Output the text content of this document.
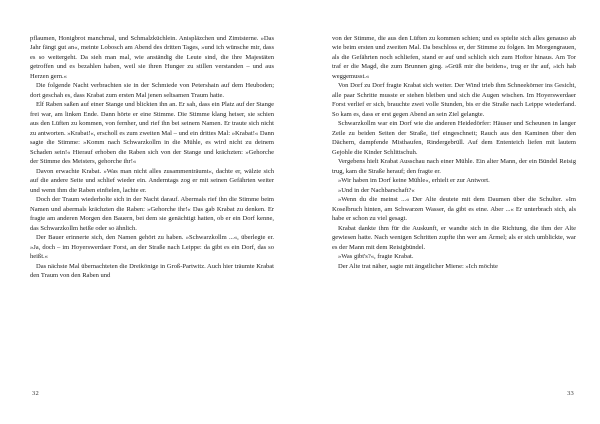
pflaumen, Honigbrot manchmal, und Schmalzküchlein. Anispläzchen und Zimtsterne. »Das Jahr fängt gut an«, meinte Lobosch am Abend des dritten Tages, »und ich wünsche mir, dass es so weitergeht. Da sieh man mal, wie anständig die Leute sind, die ihre Majestäten getroffen und es bezahlen haben, weil sie ihren Hunger zu stillen verstanden – und aus Herzen gern.«

Die folgende Nacht verbrachten sie in der Schmiede von Petershain auf dem Heuboden; dort geschah es, dass Krabat zum ersten Mal jenen seltsamen Traum hatte.

Elf Raben saßen auf einer Stange und blickten ihn an. Er sah, dass ein Platz auf der Stange frei war, am linken Ende. Dann hörte er eine Stimme. Die Stimme klang heiser, sie schien aus den Lüften zu kommen, von fernher, und rief ihn bei seinem Namen. Er traute sich nicht zu antworten. »Krabat!«, erscholl es zum zweiten Mal – und ein drittes Mal: »Krabat!« Dann sagte die Stimme: »Komm nach Schwarzkollm in die Mühle, es wird nicht zu deinem Schaden sein!« Hierauf erhoben die Raben sich von der Stange und krächzten: »Gehorche der Stimme des Meisters, gehorche ihr!«

Davon erwachte Krabat. »Was man nicht alles zusammenträumt«, dachte er, wälzte sich auf die andere Seite und schlief wieder ein. Anderntags zog er mit seinen Gefährten weiter und wenn ihm die Raben einfielen, lachte er.

Doch der Traum wiederholte sich in der Nacht darauf. Abermals rief ihn die Stimme beim Namen und abermals krächzten die Raben: »Gehorche ihr!« Das gab Krabat zu denken. Er fragte am anderen Morgen den Bauern, bei dem sie genächtigt hatten, ob er ein Dorf kenne, das Schwarzkollm heiße oder so ähnlich.

Der Bauer erinnerte sich, den Namen gehört zu haben. »Schwarzkollm ...«, überlegte er. »Ja, doch – im Hoyerswerdaer Forst, an der Straße nach Leippe: da gibt es ein Dorf, das so heißt.«

Das nächste Mal übernachteten die Dreikönige in Groß-Partwitz. Auch hier träumte Krabat den Traum von den Raben und

32

von der Stimme, die aus den Lüften zu kommen schien; und es spielte sich alles genauso ab wie beim ersten und zweiten Mal. Da beschloss er, der Stimme zu folgen. Im Morgengrauen, als die Gefährten noch schliefen, stand er auf und schlich sich zum Hoftor hinaus. Am Tor traf er die Magd, die zum Brunnen ging. »Grüß mir die beiden«, trug er ihr auf, »ich hab weggemusst.«

Von Dorf zu Dorf fragte Krabat sich weiter. Der Wind trieb ihm Schneekörner ins Gesicht, alle paar Schritte musste er stehen bleiben und sich die Augen wischen. Im Hoyerswerdaer Forst verlief er sich, brauchte zwei volle Stunden, bis er die Straße nach Leippe wiederfand. So kam es, dass er erst gegen Abend an sein Ziel gelangte.

Schwarzkollm war ein Dorf wie die anderen Heidedörfer: Häuser und Scheunen in langer Zeile zu beiden Seiten der Straße, tief eingeschneit; Rauch aus den Kaminen über den Dächern, dampfende Misthaufen, Rindergebrüll. Auf dem Ententeich liefen mit lautem Gejohle die Kinder Schlittschuh.

Vergebens hielt Krabat Ausschau nach einer Mühle. Ein alter Mann, der ein Bündel Reisig trug, kam die Straße herauf; den fragte er.

»Wir haben im Dorf keine Mühle«, erhielt er zur Antwort.

»Und in der Nachbarschaft?«

»Wenn du die meinst ...« Der Alte deutete mit dem Daumen über die Schulter. »Im Koselbruch hinten, am Schwarzen Wasser, da gibt es eine. Aber ...« Er unterbrach sich, als habe er schon zu viel gesagt.

Krabat dankte ihm für die Auskunft, er wandte sich in die Richtung, die ihm der Alte gewiesen hatte. Nach wenigen Schritten zupfte ihn wer am Ärmel; als er sich umblickte, war es der Mann mit dem Reisigbündel.

»Was gibt's?«, fragte Krabat.

Der Alte trat näher, sagte mit ängstlicher Miene: »Ich möchte

33
